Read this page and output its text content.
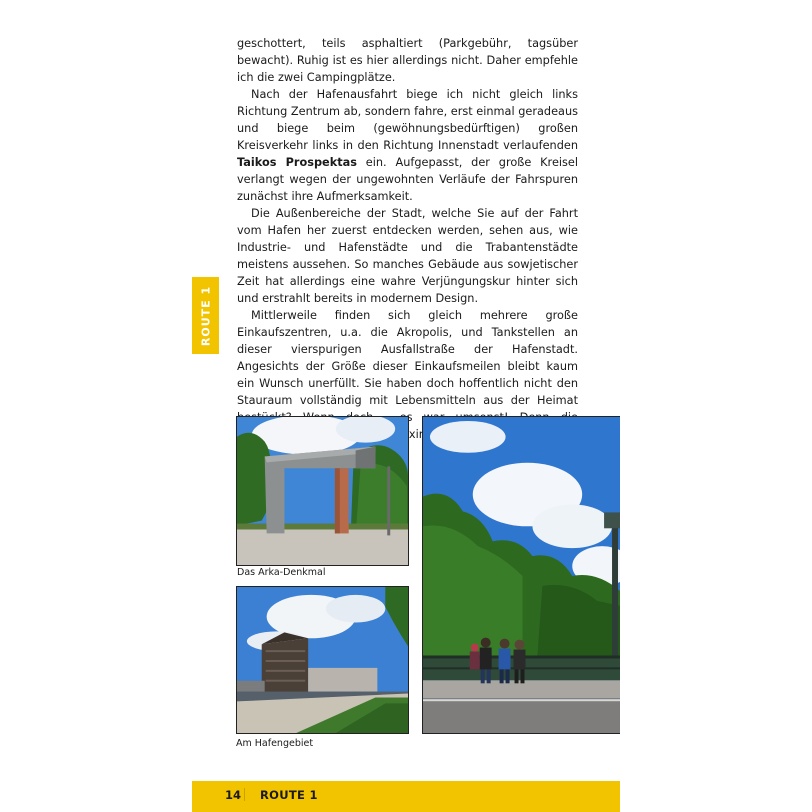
geschottert, teils asphaltiert (Parkgebühr, tagsüber bewacht). Ruhig ist es hier allerdings nicht. Daher empfehle ich die zwei Campingplätze.

Nach der Hafenausfahrt biege ich nicht gleich links Richtung Zentrum ab, sondern fahre, erst einmal geradeaus und biege beim (gewöhnungsbedürftigen) großen Kreisverkehr links in den Richtung Innenstadt verlaufenden Taikos Prospektas ein. Aufgepasst, der große Kreisel verlangt wegen der ungewohnten Verläufe der Fahrspuren zunächst ihre Aufmerksamkeit.

Die Außenbereiche der Stadt, welche Sie auf der Fahrt vom Hafen her zuerst entdecken werden, sehen aus, wie Industrie- und Hafenstädte und die Trabantenstädte meistens aussehen. So manches Gebäude aus sowjetischer Zeit hat allerdings eine wahre Verjüngungskur hinter sich und erstrahlt bereits in modernem Design.

Mittlerweile finden sich gleich mehrere große Einkaufszentren, u.a. die Akropolis, und Tankstellen an dieser vierspurigen Ausfallstraße der Hafenstadt. Angesichts der Größe dieser Einkaufsmeilen bleibt kaum ein Wunsch unerfüllt. Sie haben doch hoffentlich nicht den Stauraum vollständig mit Lebensmitteln aus der Heimat maxima

ROUTE 1
Das Arka-Denkmal
Am Hafengebiet
14 ROUTE 1
